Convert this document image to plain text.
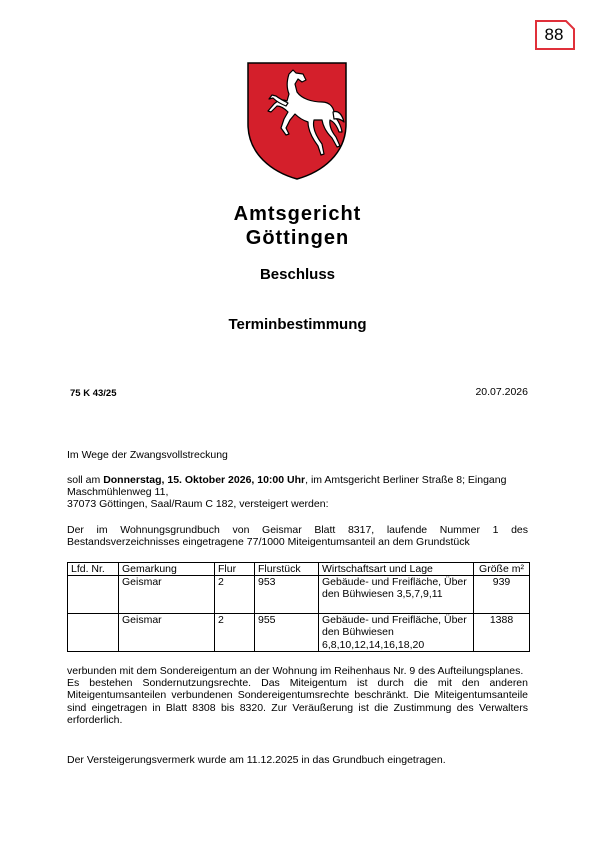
88
Amtsgericht
Göttingen
Beschluss
Terminbestimmung
75 K 43/25	20.07.2026

Im Wege der Zwangsvollstreckung

soll am Donnerstag, 15. Oktober 2026, 10:00 Uhr, im Amtsgericht Berliner Straße 8; Eingang Maschmühlenweg 11,

37073 Göttingen, Saal/Raum C 182, versteigert werden:

Der im Wohnungsgrundbuch von Geismar Blatt 8317, laufende Nummer 1 des Bestandsverzeichnisses eingetragene 77/1000 Miteigentumsanteil an dem Grundstück

Lfd. Nr.	Gemarkung	Flur	Flurstück	Wirtschaftsart und Lage	Größe m²
	Geismar	2	953	Gebäude- und Freifläche, Über den Bühwiesen 3,5,7,9,11	939
	Geismar	2	955	Gebäude- und Freifläche, Über den Bühwiesen 6,8,10,12,14,16,18,20	1388

verbunden mit dem Sondereigentum an der Wohnung im Reihenhaus Nr. 9 des Aufteilungsplanes.

Es bestehen Sondernutzungsrechte. Das Miteigentum ist durch die mit den anderen Miteigentumsanteilen verbundenen Sondereigentumsrechte beschränkt. Die Miteigentumsanteile sind eingetragen in Blatt 8308 bis 8320. Zur Veräußerung ist die Zustimmung des Verwalters erforderlich.

Der Versteigerungsvermerk wurde am 11.12.2025 in das Grundbuch eingetragen.
